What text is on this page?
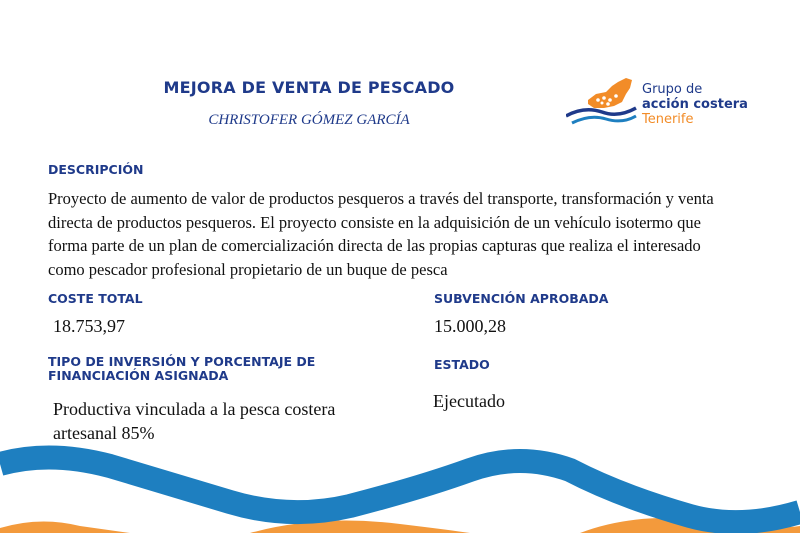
MEJORA DE VENTA DE PESCADO
CHRISTOFER GÓMEZ GARCÍA
Grupo de
acción costera
Tenerife
DESCRIPCIÓN
Proyecto de aumento de valor de productos pesqueros a través del transporte, transformación y venta directa de productos pesqueros. El proyecto consiste en la adquisición de un vehículo isotermo que forma parte de un plan de comercialización directa de las propias capturas que realiza el interesado como pescador profesional propietario de un buque de pesca
COSTE TOTAL
18.753,97
SUBVENCIÓN APROBADA
15.000,28
TIPO DE INVERSIÓN Y PORCENTAJE DE FINANCIACIÓN ASIGNADA
Productiva vinculada a la pesca costera artesanal 85%
ESTADO
Ejecutado
